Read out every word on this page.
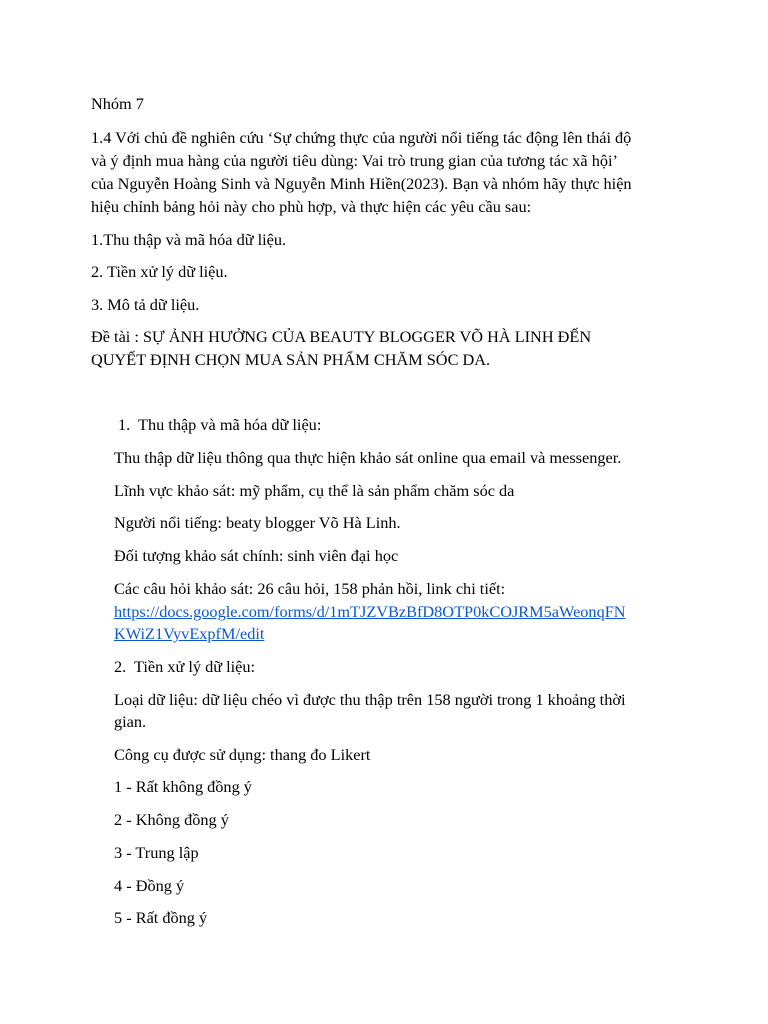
Nhóm 7

1.4 Với chủ đề nghiên cứu ‘Sự chứng thực của người nổi tiếng tác động lên thái độ

và ý định mua hàng của người tiêu dùng: Vai trò trung gian của tương tác xã hội’

của Nguyễn Hoàng Sinh và Nguyễn Minh Hiền(2023). Bạn và nhóm hãy thực hiện

hiệu chỉnh bảng hỏi này cho phù hợp, và thực hiện các yêu cầu sau:

1.Thu thập và mã hóa dữ liệu.

2. Tiền xử lý dữ liệu.

3. Mô tả dữ liệu.

Đề tài : SỰ ẢNH HƯỞNG CỦA BEAUTY BLOGGER VÕ HÀ LINH ĐẾN

QUYẾT ĐỊNH CHỌN MUA SẢN PHẨM CHĂM SÓC DA.

1. Thu thập và mã hóa dữ liệu:

Thu thập dữ liệu thông qua thực hiện khảo sát online qua email và messenger.

Lĩnh vực khảo sát: mỹ phẩm, cụ thể là sản phẩm chăm sóc da

Người nổi tiếng: beaty blogger Võ Hà Linh.

Đối tượng khảo sát chính: sinh viên đại học

Các câu hỏi khảo sát: 26 câu hỏi, 158 phản hồi, link chi tiết:

https://docs.google.com/forms/d/1mTJZVBzBfD8OTP0kCOJRM5aWeonqFN

KWiZ1VyvExpfM/edit

2. Tiền xử lý dữ liệu:

Loại dữ liệu: dữ liệu chéo vì được thu thập trên 158 người trong 1 khoảng thời

gian.

Công cụ được sử dụng: thang đo Likert

1 - Rất không đồng ý

2 - Không đồng ý

3 - Trung lập

4 - Đồng ý

5 - Rất đồng ý
